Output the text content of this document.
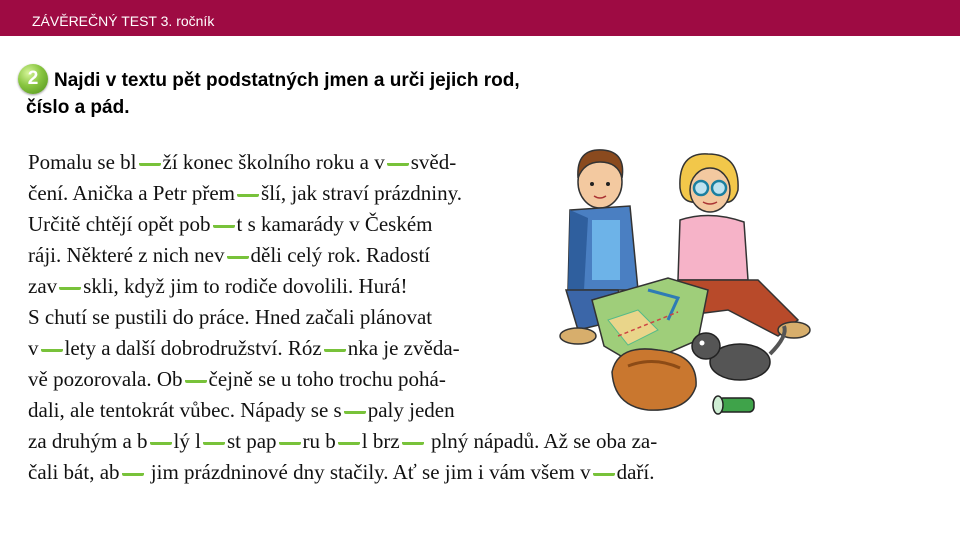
ZÁVĚREČNÝ TEST 3. ročník

Najdi v textu pět podstatných jmen a urči jejich rod, číslo a pád.

2
Pomalu se bl ží konec školního roku a v svěd-
čení. Anička a Petr přem šlí, jak straví prázdniny.
Určitě chtějí opět pob t s kamarády v Českém
ráji. Některé z nich nev děli celý rok. Radostí
zav skli, když jim to rodiče dovolili. Hurá!
S chutí se pustili do práce. Hned začali plánovat
v lety a další dobrodružství. Róz nka je zvěda-
vě pozorovala. Ob čejně se u toho trochu pohá-
dali, ale tentokrát vůbec. Nápady se s paly jeden
za druhým a b lý l st pap ru b l brz plný nápadů. Až se oba za-
čali bát, ab jim prázdninové dny stačily. Ať se jim i vám všem v daří.
